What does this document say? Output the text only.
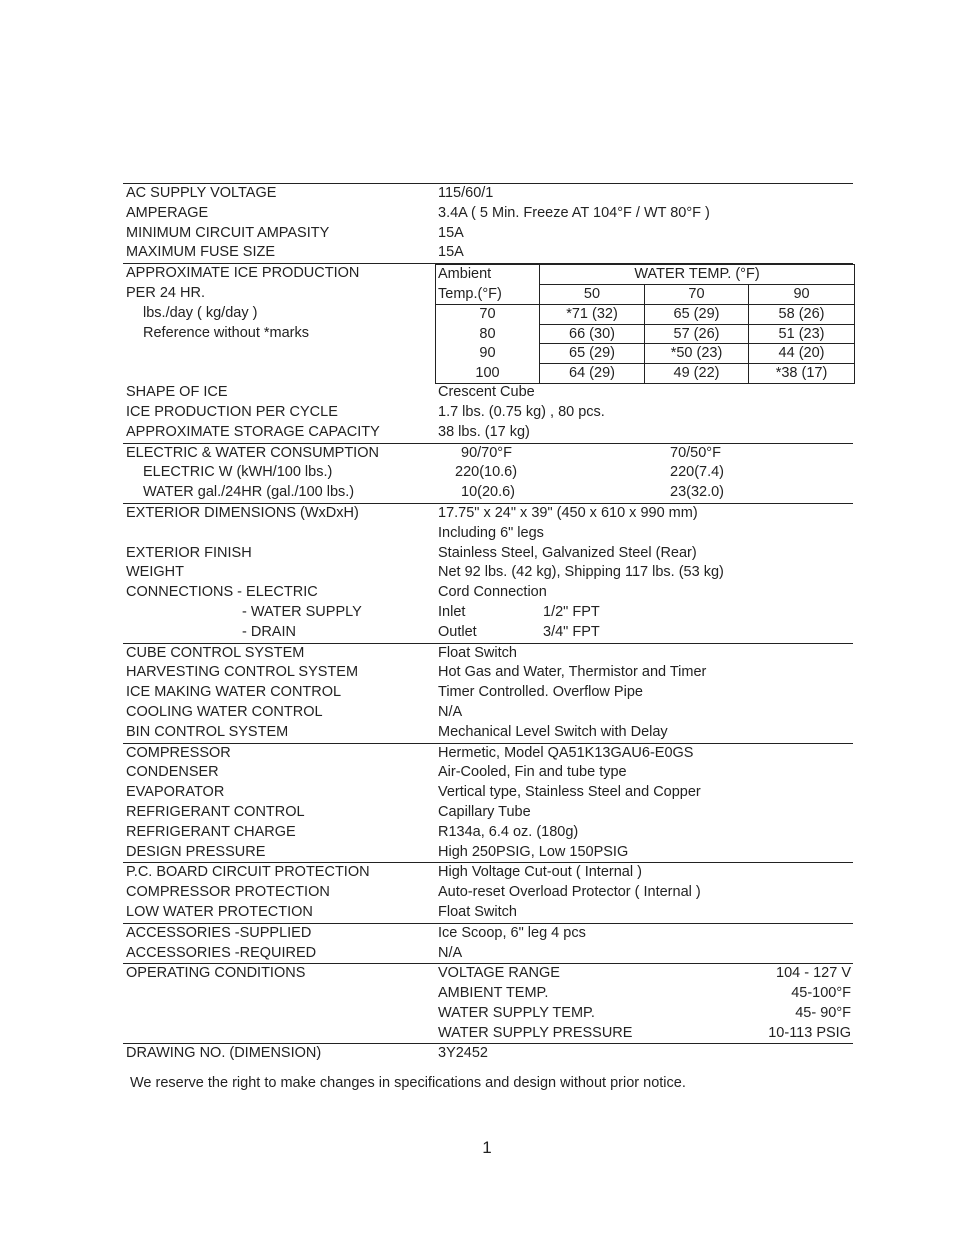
AC SUPPLY VOLTAGE	115/60/1
AMPERAGE	3.4A ( 5 Min. Freeze AT 104°F / WT 80°F )
MINIMUM CIRCUIT AMPASITY	15A
MAXIMUM FUSE SIZE	15A
APPROXIMATE ICE PRODUCTION
PER 24 HR.
lbs./day ( kg/day )
Reference without *marks
Ambient	WATER TEMP. (°F)		
Temp.(°F)	50	70	90
70	*71 (32)	65 (29)	58 (26)
80	66 (30)	57 (26)	51 (23)
90	65 (29)	*50 (23)	44 (20)
100	64 (29)	49 (22)	*38 (17)
SHAPE OF ICE	Crescent Cube
ICE PRODUCTION PER CYCLE	1.7 lbs. (0.75 kg) , 80 pcs.
APPROXIMATE STORAGE CAPACITY	38 lbs. (17 kg)
ELECTRIC & WATER CONSUMPTION	90/70°F	70/50°F
ELECTRIC W (kWH/100 lbs.)	220(10.6)	220(7.4)
WATER gal./24HR (gal./100 lbs.)	10(20.6)	23(32.0)
EXTERIOR DIMENSIONS (WxDxH)	17.75" x 24" x 39" (450 x 610 x 990 mm)
Including 6" legs
EXTERIOR FINISH	Stainless Steel, Galvanized Steel (Rear)
WEIGHT	Net 92 lbs. (42 kg), Shipping 117 lbs. (53 kg)
CONNECTIONS - ELECTRIC	Cord Connection
- WATER SUPPLY	Inlet	1/2" FPT
- DRAIN	Outlet	3/4" FPT
CUBE CONTROL SYSTEM	Float Switch
HARVESTING CONTROL SYSTEM	Hot Gas and Water, Thermistor and Timer
ICE MAKING WATER CONTROL	Timer Controlled. Overflow Pipe
COOLING WATER CONTROL	N/A
BIN CONTROL SYSTEM	Mechanical Level Switch with Delay
COMPRESSOR	Hermetic, Model QA51K13GAU6-E0GS
CONDENSER	Air-Cooled, Fin and tube type
EVAPORATOR	Vertical type, Stainless Steel and Copper
REFRIGERANT CONTROL	Capillary Tube
REFRIGERANT CHARGE	R134a, 6.4 oz. (180g)
DESIGN PRESSURE	High 250PSIG, Low 150PSIG
P.C. BOARD CIRCUIT PROTECTION	High Voltage Cut-out ( Internal )
COMPRESSOR PROTECTION	Auto-reset Overload Protector ( Internal )
LOW WATER PROTECTION	Float Switch
ACCESSORIES -SUPPLIED	Ice Scoop, 6" leg 4 pcs
ACCESSORIES -REQUIRED	N/A
OPERATING CONDITIONS	VOLTAGE RANGE	104 - 127 V
AMBIENT TEMP.	45-100°F
WATER SUPPLY TEMP.	45- 90°F
WATER SUPPLY PRESSURE	10-113 PSIG
DRAWING NO. (DIMENSION)	3Y2452
We reserve the right to make changes in specifications and design without prior notice.
1
